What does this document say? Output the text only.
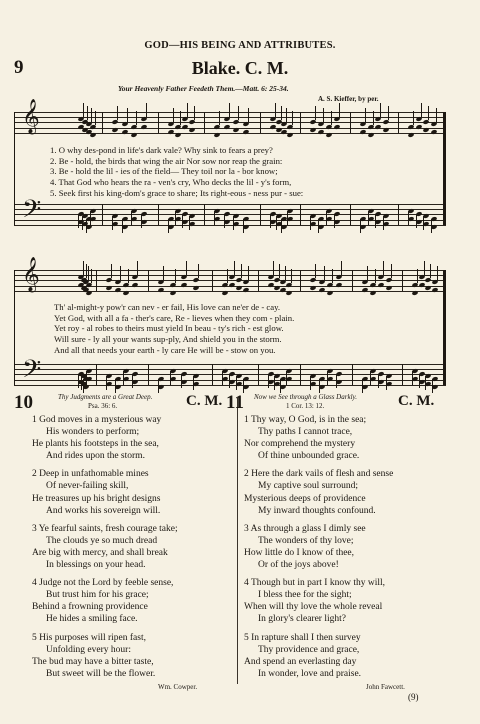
GOD—HIS BEING AND ATTRIBUTES.
9	Blake. C. M.
Your Heavenly Father Feedeth Them.—Matt. 6: 25-34.
A. S. Kieffer, by per.
𝄞
𝄢
1. O why des-pond in life's dark vale? Why sink to fears a prey?
2. Be - hold, the birds that wing the air Nor sow nor reap the grain:
3. Be - hold the lil - ies of the field— They toil nor la - bor know;
4. That God who hears the ra - ven's cry, Who decks the lil - y's form,
5. Seek first his king-dom's grace to share; Its right-eous - ness pur - sue:
𝄞
𝄢
Th' al-might-y pow'r can nev - er fail, His love can ne'er de - cay.
Yet God, with all a fa - ther's care, Re - lieves when they com - plain.
Yet roy - al robes to theirs must yield In beau - ty's rich - est glow.
Will sure - ly all your wants sup-ply, And shield you in the storm.
And all that needs your earth - ly care He will be - stow on you.
10	Thy Judgments are a Great Deep.
Psa. 36: 6.	C. M.
1 God moves in a mysterious way
His wonders to perform;
He plants his footsteps in the sea,
And rides upon the storm.
2 Deep in unfathomable mines
Of never-failing skill,
He treasures up his bright designs
And works his sovereign will.
3 Ye fearful saints, fresh courage take;
The clouds ye so much dread
Are big with mercy, and shall break
In blessings on your head.
4 Judge not the Lord by feeble sense,
But trust him for his grace;
Behind a frowning providence
He hides a smiling face.
5 His purposes will ripen fast,
Unfolding every hour:
The bud may have a bitter taste,
But sweet will be the flower.
Wm. Cowper.
11 Now we See through a Glass Darkly.
1 Cor. 13: 12.	C. M.
1 Thy way, O God, is in the sea;
Thy paths I cannot trace,
Nor comprehend the mystery
Of thine unbounded grace.
2 Here the dark vails of flesh and sense
My captive soul surround;
Mysterious deeps of providence
My inward thoughts confound.
3 As through a glass I dimly see
The wonders of thy love;
How little do I know of thee,
Or of the joys above!
4 Though but in part I know thy will,
I bless thee for the sight;
When will thy love the whole reveal
In glory's clearer light?
5 In rapture shall I then survey
Thy providence and grace,
And spend an everlasting day
In wonder, love and praise.
John Fawcett.
(9)
